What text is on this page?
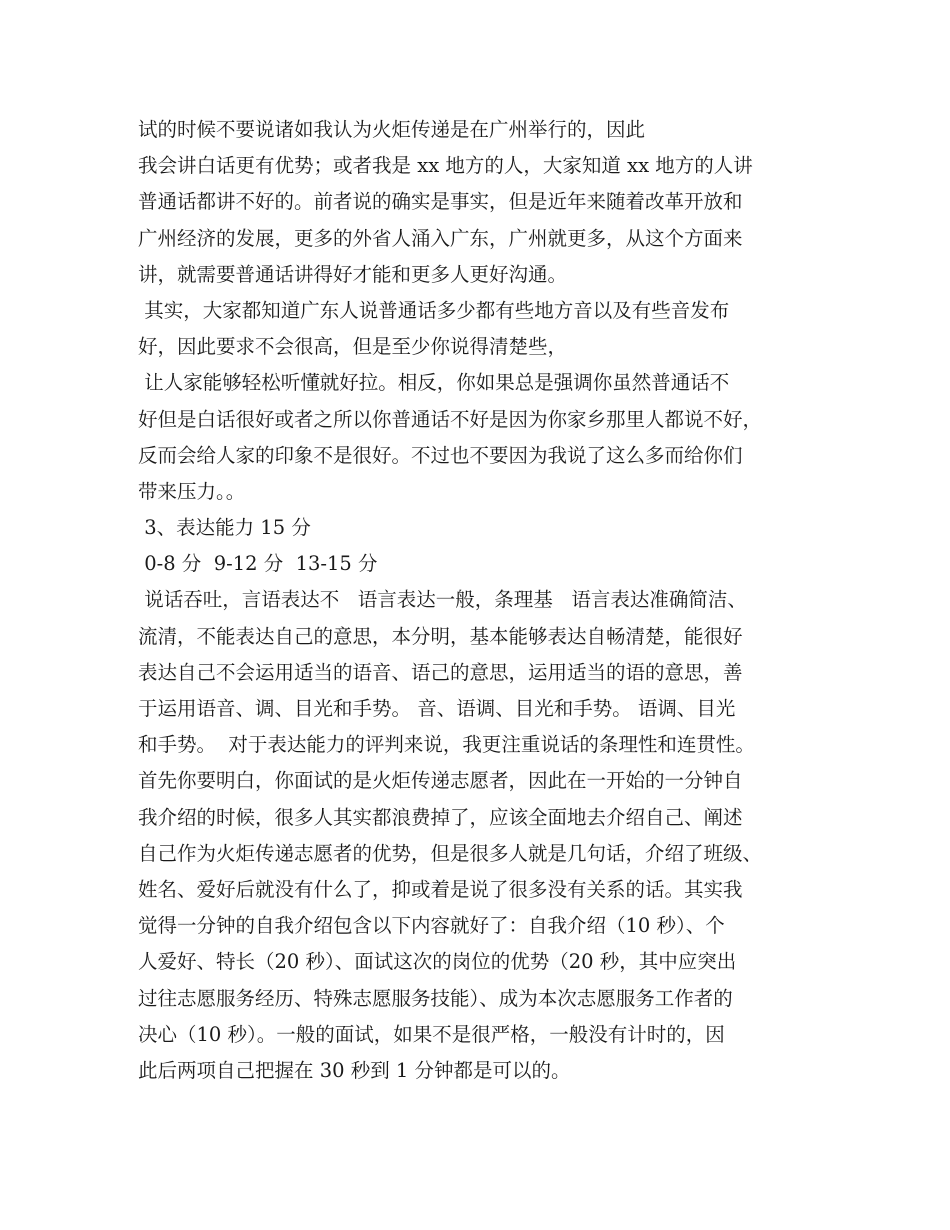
试的时候不要说诸如我认为火炬传递是在广州举行的，因此
我会讲白话更有优势；或者我是 xx 地方的人，大家知道 xx 地方的人讲
普通话都讲不好的。前者说的确实是事实，但是近年来随着改革开放和
广州经济的发展，更多的外省人涌入广东，广州就更多，从这个方面来
讲，就需要普通话讲得好才能和更多人更好沟通。
其实，大家都知道广东人说普通话多少都有些地方音以及有些音发布
好，因此要求不会很高，但是至少你说得清楚些，
让人家能够轻松听懂就好拉。相反，你如果总是强调你虽然普通话不
好但是白话很好或者之所以你普通话不好是因为你家乡那里人都说不好，
反而会给人家的印象不是很好。不过也不要因为我说了这么多而给你们
带来压力。。
3、表达能力 15 分
0-8 分  9-12 分  13-15 分
说话吞吐，言语表达不   语言表达一般，条理基   语言表达准确简洁、
流清，不能表达自己的意思，本分明，基本能够表达自畅清楚，能很好
表达自己不会运用适当的语音、语己的意思，运用适当的语的意思，善
于运用语音、调、目光和手势。 音、语调、目光和手势。 语调、目光
和手势。  对于表达能力的评判来说，我更注重说话的条理性和连贯性。
首先你要明白，你面试的是火炬传递志愿者，因此在一开始的一分钟自
我介绍的时候，很多人其实都浪费掉了，应该全面地去介绍自己、阐述
自己作为火炬传递志愿者的优势，但是很多人就是几句话，介绍了班级、
姓名、爱好后就没有什么了，抑或着是说了很多没有关系的话。其实我
觉得一分钟的自我介绍包含以下内容就好了：自我介绍（10 秒）、个
人爱好、特长（20 秒）、面试这次的岗位的优势（20 秒，其中应突出
过往志愿服务经历、特殊志愿服务技能）、成为本次志愿服务工作者的
决心（10 秒）。一般的面试，如果不是很严格，一般没有计时的，因
此后两项自己把握在 30 秒到 1 分钟都是可以的。
